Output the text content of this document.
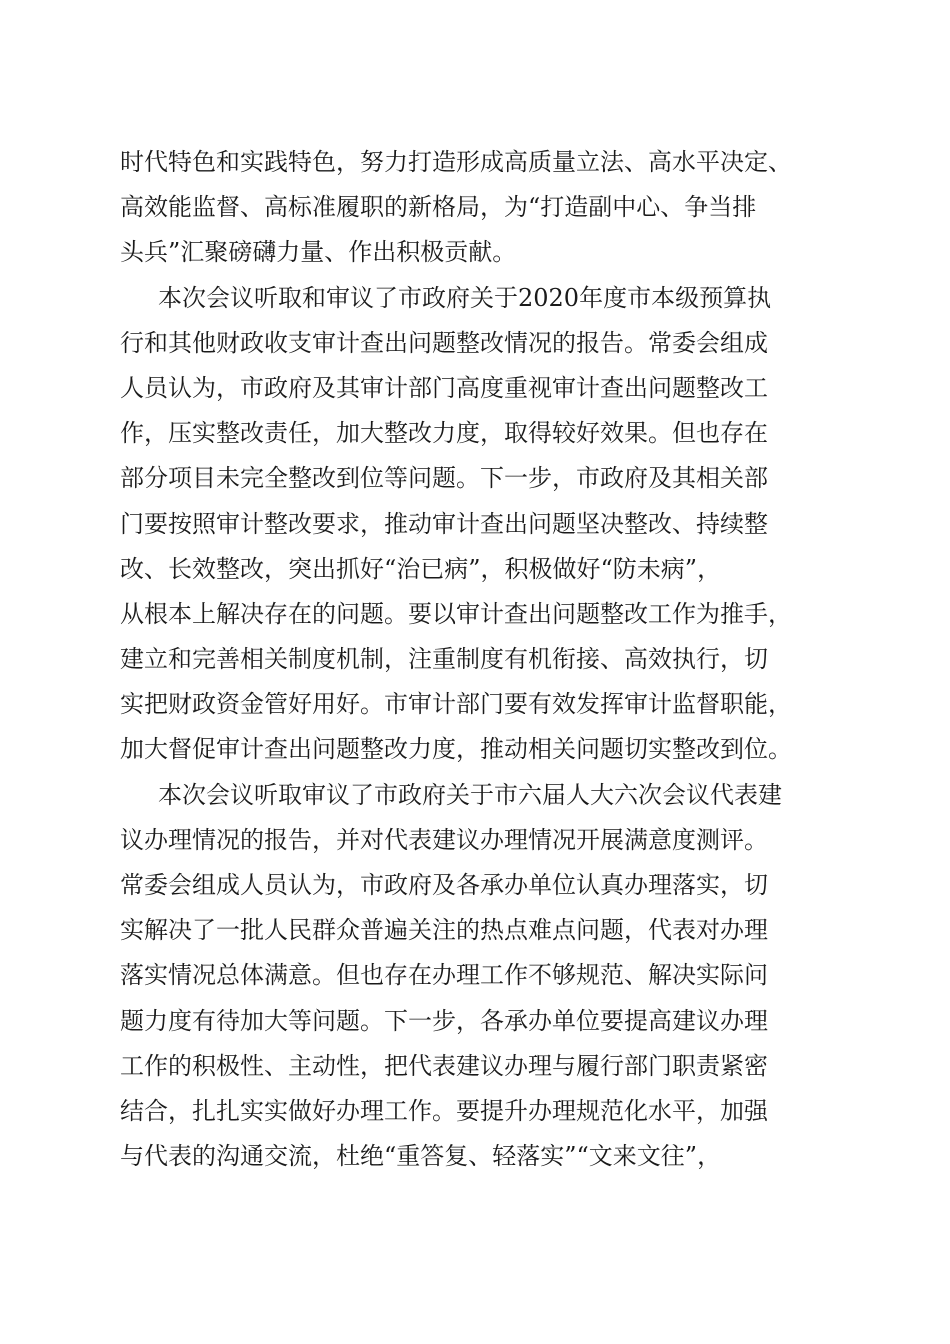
时代特色和实践特色，努力打造形成高质量立法、高水平决定、
高效能监督、高标准履职的新格局，为“打造副中心、争当排
头兵”汇聚磅礴力量、作出积极贡献。
本次会议听取和审议了市政府关于2020年度市本级预算执
行和其他财政收支审计查出问题整改情况的报告。常委会组成
人员认为，市政府及其审计部门高度重视审计查出问题整改工
作，压实整改责任，加大整改力度，取得较好效果。但也存在
部分项目未完全整改到位等问题。下一步，市政府及其相关部
门要按照审计整改要求，推动审计查出问题坚决整改、持续整
改、长效整改，突出抓好“治已病”，积极做好“防未病”，
从根本上解决存在的问题。要以审计查出问题整改工作为推手，
建立和完善相关制度机制，注重制度有机衔接、高效执行，切
实把财政资金管好用好。市审计部门要有效发挥审计监督职能，
加大督促审计查出问题整改力度，推动相关问题切实整改到位。
本次会议听取审议了市政府关于市六届人大六次会议代表建
议办理情况的报告，并对代表建议办理情况开展满意度测评。
常委会组成人员认为，市政府及各承办单位认真办理落实，切
实解决了一批人民群众普遍关注的热点难点问题，代表对办理
落实情况总体满意。但也存在办理工作不够规范、解决实际问
题力度有待加大等问题。下一步，各承办单位要提高建议办理
工作的积极性、主动性，把代表建议办理与履行部门职责紧密
结合，扎扎实实做好办理工作。要提升办理规范化水平，加强
与代表的沟通交流，杜绝“重答复、轻落实”“文来文往”，
